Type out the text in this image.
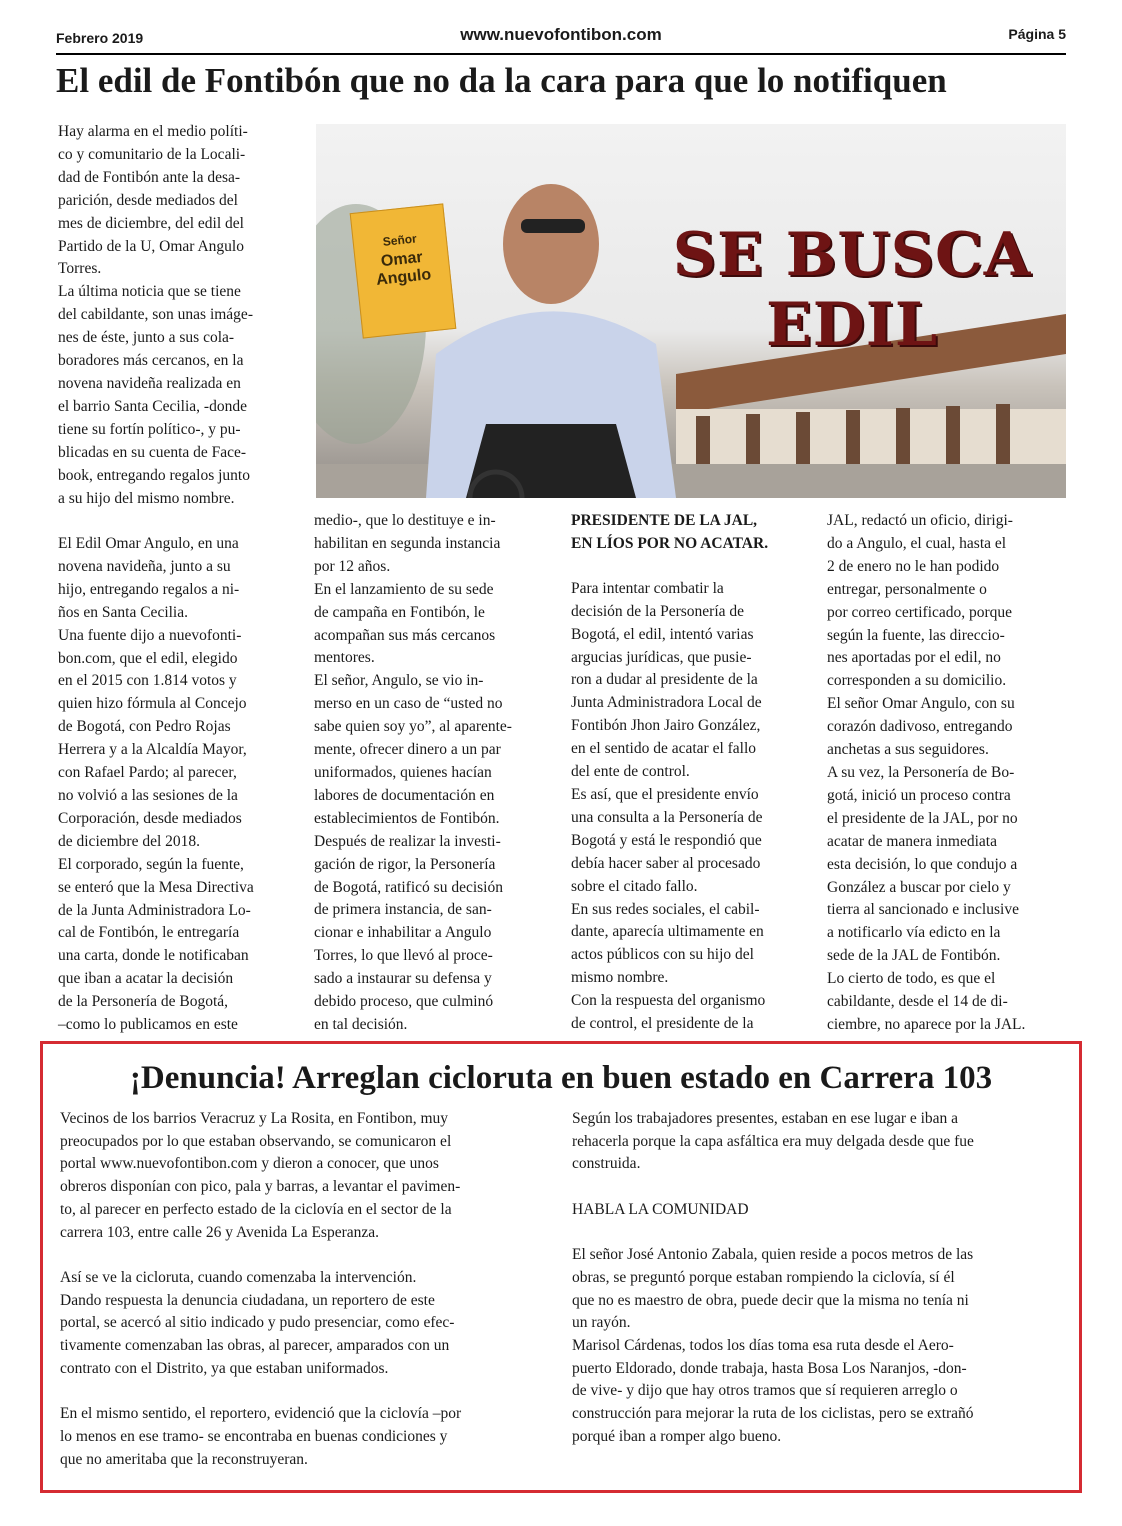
Febrero 2019	www.nuevofontibon.com	Página 5
El edil de Fontibón que no da la cara para que lo notifiquen

Hay alarma en el medio políti-
co y comunitario de la Locali-
dad de Fontibón ante la desa-
parición, desde mediados del
mes de diciembre, del edil del
Partido de la U, Omar Angulo
Torres.
La última noticia que se tiene
del cabildante, son unas imáge-
nes de éste, junto a sus cola-
boradores más cercanos, en la
novena navideña realizada en
el barrio Santa Cecilia, -donde
tiene su fortín político-, y pu-
blicadas en su cuenta de Face-
book, entregando regalos junto
a su hijo del mismo nombre.

Señor
Omar
Angulo	SE BUSCA
EDIL

El Edil Omar Angulo, en una
novena navideña, junto a su
hijo, entregando regalos a ni-
ños en Santa Cecilia.
Una fuente dijo a nuevofonti-
bon.com, que el edil, elegido
en el 2015 con 1.814 votos y
quien hizo fórmula al Concejo
de Bogotá, con Pedro Rojas
Herrera y a la Alcaldía Mayor,
con Rafael Pardo; al parecer,
no volvió a las sesiones de la
Corporación, desde mediados
de diciembre del 2018.
El corporado, según la fuente,
se enteró que la Mesa Directiva
de la Junta Administradora Lo-
cal de Fontibón, le entregaría
una carta, donde le notificaban
que iban a acatar la decisión
de la Personería de Bogotá,
–como lo publicamos en este

medio-, que lo destituye e in-
habilitan en segunda instancia
por 12 años.
En el lanzamiento de su sede
de campaña en Fontibón, le
acompañan sus más cercanos
mentores.
El señor, Angulo, se vio in-
merso en un caso de “usted no
sabe quien soy yo”, al aparente-
mente, ofrecer dinero a un par
uniformados, quienes hacían
labores de documentación en
establecimientos de Fontibón.
Después de realizar la investi-
gación de rigor, la Personería
de Bogotá, ratificó su decisión
de primera instancia, de san-
cionar e inhabilitar a Angulo
Torres, lo que llevó al proce-
sado a instaurar su defensa y
debido proceso, que culminó
en tal decisión.

PRESIDENTE DE LA JAL,
EN LÍOS POR NO ACATAR.

Para intentar combatir la
decisión de la Personería de
Bogotá, el edil, intentó varias
argucias jurídicas, que pusie-
ron a dudar al presidente de la
Junta Administradora Local de
Fontibón Jhon Jairo González,
en el sentido de acatar el fallo
del ente de control.
Es así, que el presidente envío
una consulta a la Personería de
Bogotá y está le respondió que
debía hacer saber al procesado
sobre el citado fallo.
En sus redes sociales, el cabil-
dante, aparecía ultimamente en
actos públicos con su hijo del
mismo nombre.
Con la respuesta del organismo
de control, el presidente de la

JAL, redactó un oficio, dirigi-
do a Angulo, el cual, hasta el
2 de enero no le han podido
entregar, personalmente o
por correo certificado, porque
según la fuente, las direccio-
nes aportadas por el edil, no
corresponden a su domicilio.
El señor Omar Angulo, con su
corazón dadivoso, entregando
anchetas a sus seguidores.
A su vez, la Personería de Bo-
gotá, inició un proceso contra
el presidente de la JAL, por no
acatar de manera inmediata
esta decisión, lo que condujo a
González a buscar por cielo y
tierra al sancionado e inclusive
a notificarlo vía edicto en la
sede de la JAL de Fontibón.
Lo cierto de todo, es que el
cabildante, desde el 14 de di-
ciembre, no aparece por la JAL.

¡Denuncia! Arreglan cicloruta en buen estado en Carrera 103

Vecinos de los barrios Veracruz y La Rosita, en Fontibon, muy
preocupados por lo que estaban observando, se comunicaron el
portal www.nuevofontibon.com y dieron a conocer, que unos
obreros disponían con pico, pala y barras, a levantar el pavimen-
to, al parecer en perfecto estado de la ciclovía en el sector de la
carrera 103, entre calle 26 y Avenida La Esperanza.

Así se ve la cicloruta, cuando comenzaba la intervención.
Dando respuesta la denuncia ciudadana, un reportero de este
portal, se acercó al sitio indicado y pudo presenciar, como efec-
tivamente comenzaban las obras, al parecer, amparados con un
contrato con el Distrito, ya que estaban uniformados.

En el mismo sentido, el reportero, evidenció que la ciclovía –por
lo menos en ese tramo- se encontraba en buenas condiciones y
que no ameritaba que la reconstruyeran.

Según los trabajadores presentes, estaban en ese lugar e iban a
rehacerla porque la capa asfáltica era muy delgada desde que fue
construida.

HABLA LA COMUNIDAD

El señor José Antonio Zabala, quien reside a pocos metros de las
obras, se preguntó porque estaban rompiendo la ciclovía, sí él
que no es maestro de obra, puede decir que la misma no tenía ni
un rayón.
Marisol Cárdenas, todos los días toma esa ruta desde el Aero-
puerto Eldorado, donde trabaja, hasta Bosa Los Naranjos, -don-
de vive- y dijo que hay otros tramos que sí requieren arreglo o
construcción para mejorar la ruta de los ciclistas, pero se extrañó
porqué iban a romper algo bueno.
